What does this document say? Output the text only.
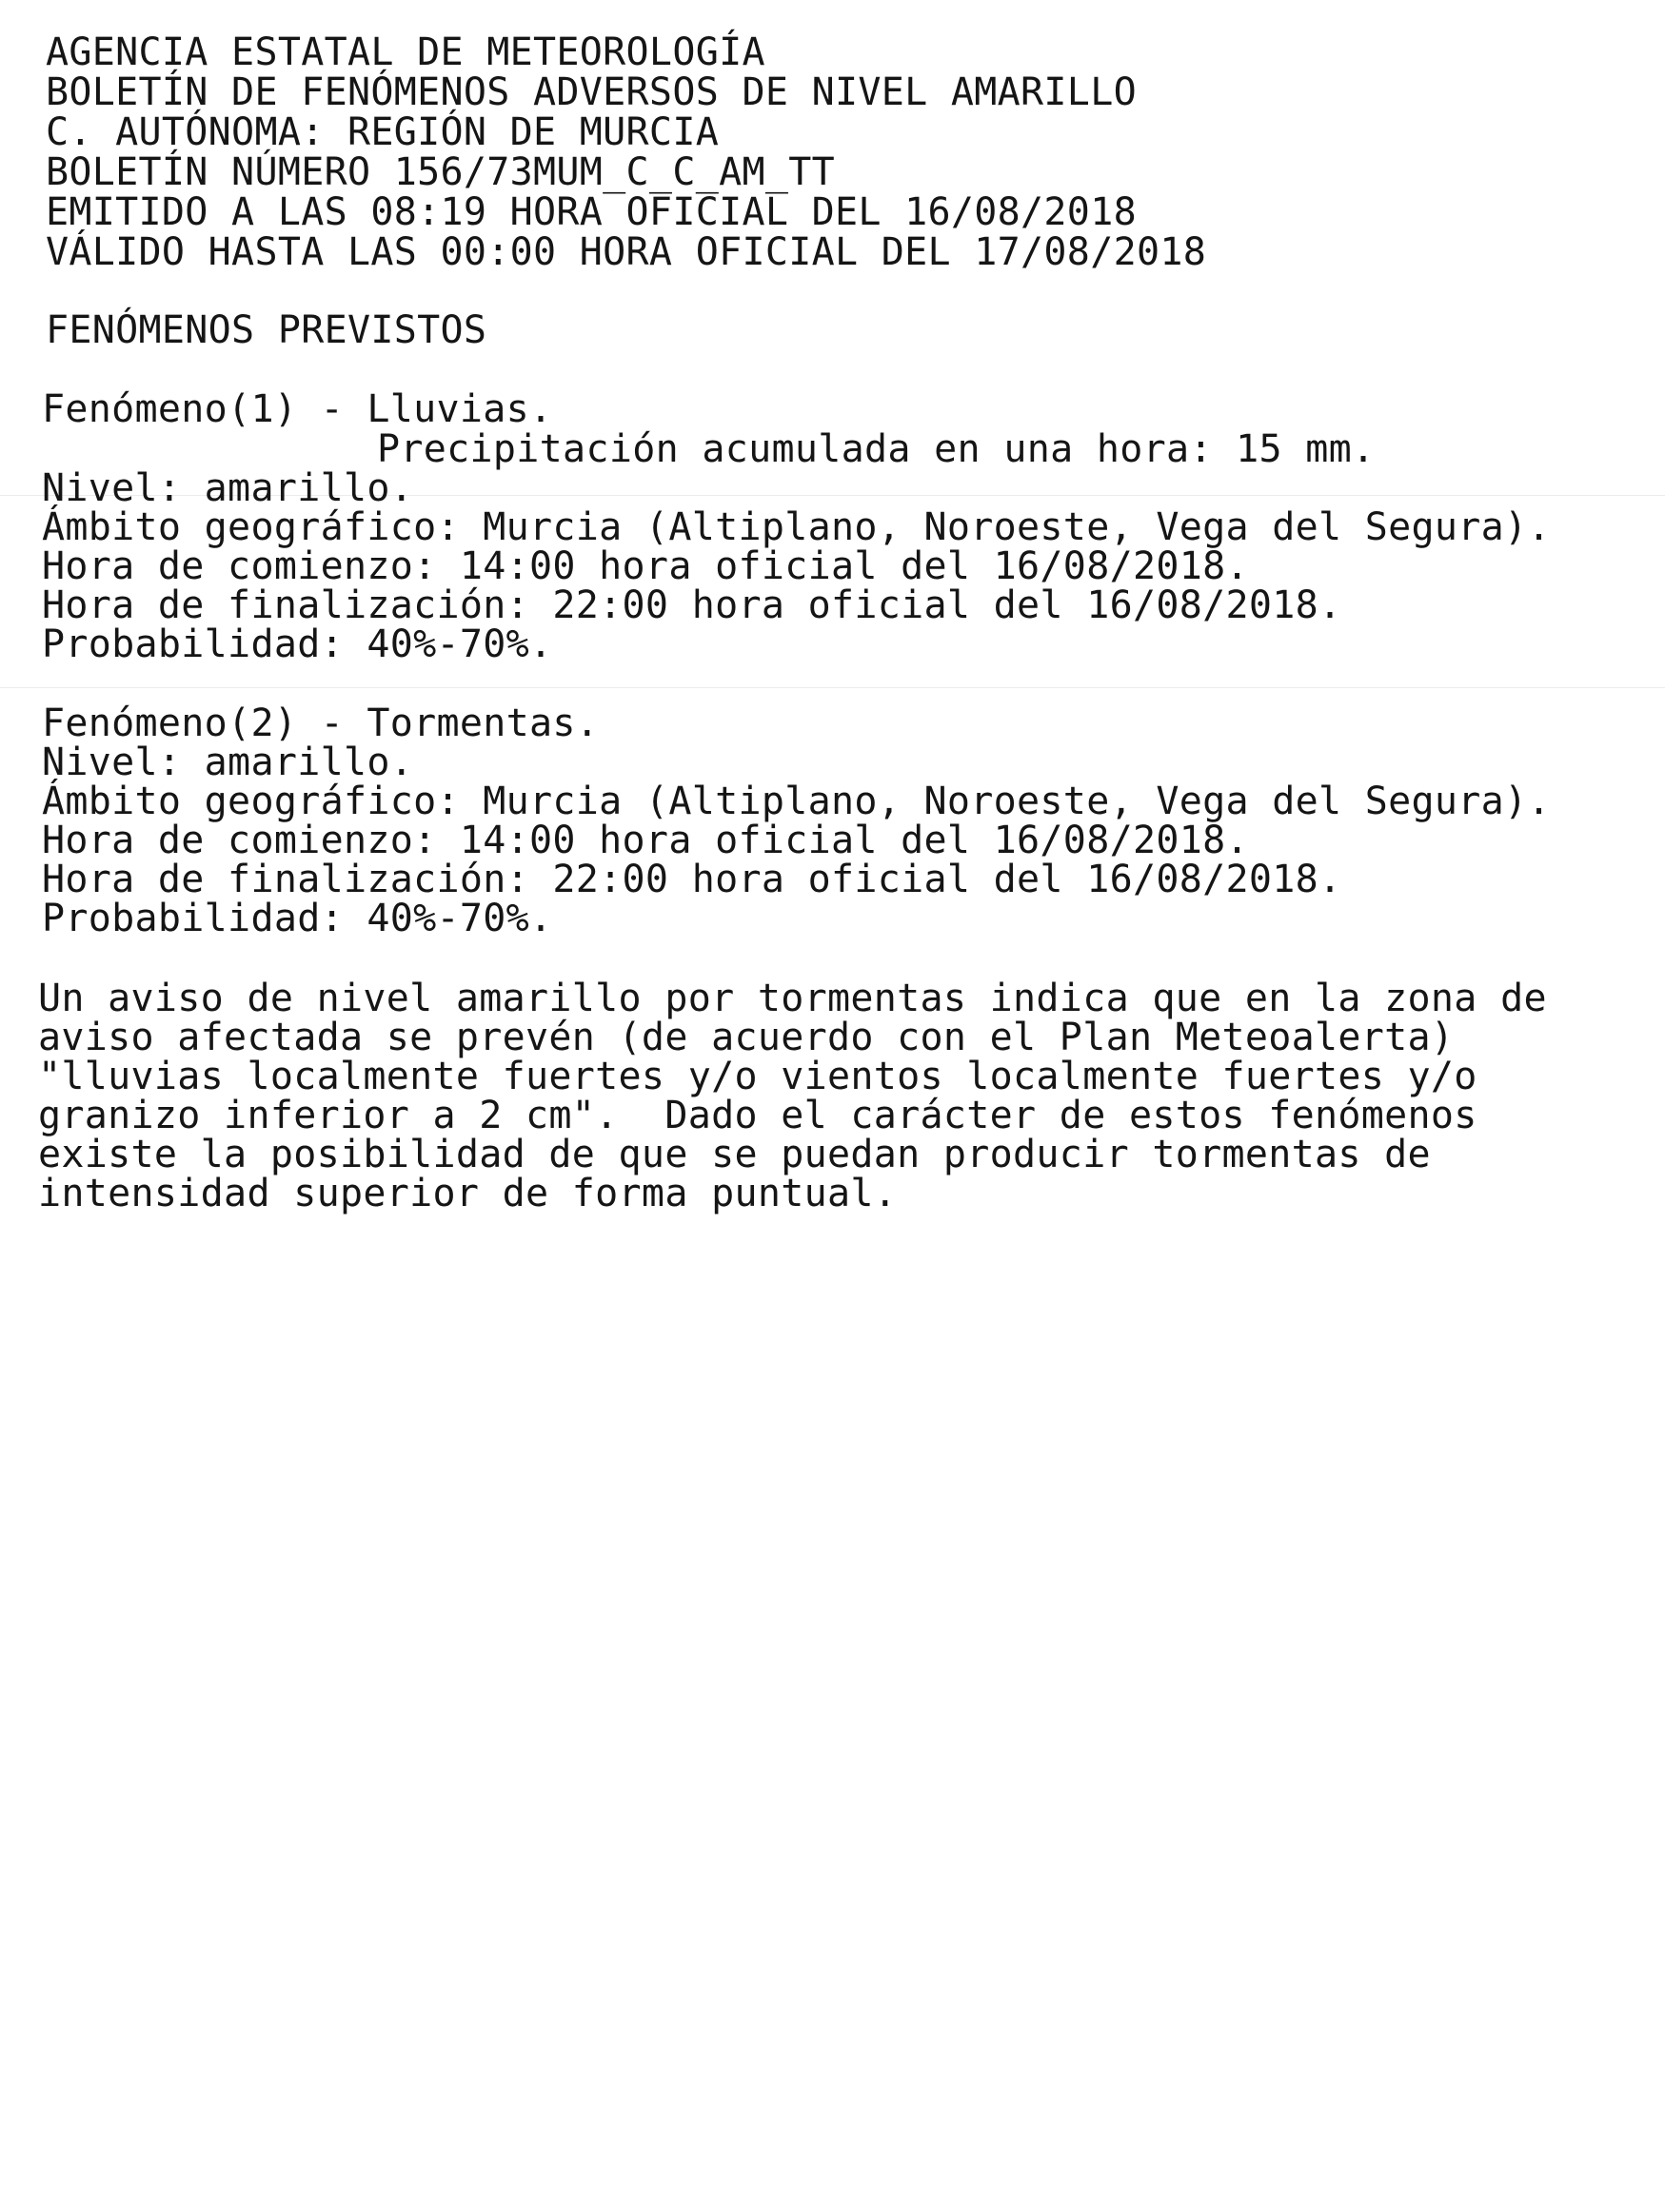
AGENCIA ESTATAL DE METEOROLOGÍA

BOLETÍN DE FENÓMENOS ADVERSOS DE NIVEL AMARILLO

C. AUTÓNOMA: REGIÓN DE MURCIA

BOLETÍN NÚMERO 156/73MUM_C_C_AM_TT

EMITIDO A LAS 08:19 HORA OFICIAL DEL 16/08/2018

VÁLIDO HASTA LAS 00:00 HORA OFICIAL DEL 17/08/2018

FENÓMENOS PREVISTOS

Fenómeno(1) - Lluvias.

Precipitación acumulada en una hora: 15 mm.

Nivel: amarillo.

Ámbito geográfico: Murcia (Altiplano, Noroeste, Vega del Segura).

Hora de comienzo: 14:00 hora oficial del 16/08/2018.

Hora de finalización: 22:00 hora oficial del 16/08/2018.

Probabilidad: 40%-70%.

Fenómeno(2) - Tormentas.

Nivel: amarillo.

Ámbito geográfico: Murcia (Altiplano, Noroeste, Vega del Segura).

Hora de comienzo: 14:00 hora oficial del 16/08/2018.

Hora de finalización: 22:00 hora oficial del 16/08/2018.

Probabilidad: 40%-70%.

Un aviso de nivel amarillo por tormentas indica que en la zona de

aviso afectada se prevén (de acuerdo con el Plan Meteoalerta)

"lluvias localmente fuertes y/o vientos localmente fuertes y/o

granizo inferior a 2 cm".  Dado el carácter de estos fenómenos

existe la posibilidad de que se puedan producir tormentas de

intensidad superior de forma puntual.
